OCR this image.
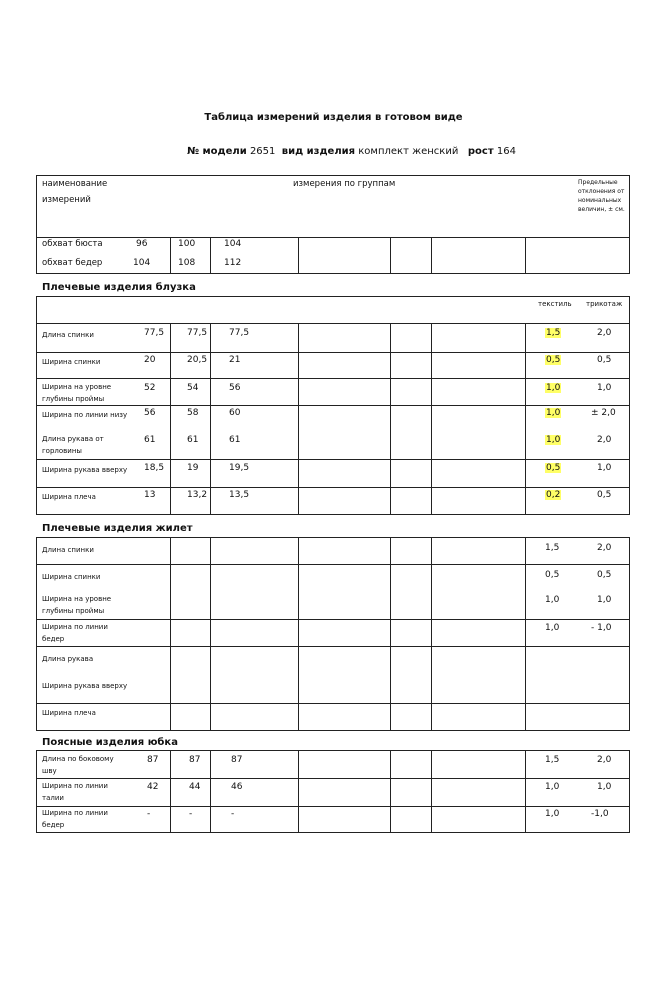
Таблица измерений изделия в готовом виде
№ модели 2651 вид изделия комплект женский рост 164
наименование
измерений
измерения по группам	Предельные
отклонения от
номинальных
величин, ± см.
обхват бюста	96	100	104
обхват бедер	104	108	112
Плечевые изделия блузка
текстиль трикотаж
Плечевые изделия жилет
Поясные изделия юбка
Длина спинки	77,5	77,5 77,5	1,5	2,0
Ширина спинки	20	20,5 21	0,5	0,5
Ширина на уровне
глубины проймы
52	54	56	1,0	1,0
Ширина по линии низу 56	58	60	1,0	± 2,0
Длина рукава от
горловины
61	61	61	1,0	2,0
Ширина рукава вверху 18,5	19	19,5	0,5	1,0
Ширина плеча	13	13,2 13,5	0,2	0,5
Длина спинки	1,5	2,0
Ширина спинки	0,5	0,5
Ширина на уровне
глубины проймы
1,0	1,0
Ширина по линии
бедер
1,0	- 1,0
Длина рукава
Ширина рукава вверху
Ширина плеча
Длина по боковому
шву
87	87	87	1,5	2,0
Ширина по линии
талии
42	44	46	1,0	1,0
Ширина по линии
бедер
-	-	-	1,0	-1,0
